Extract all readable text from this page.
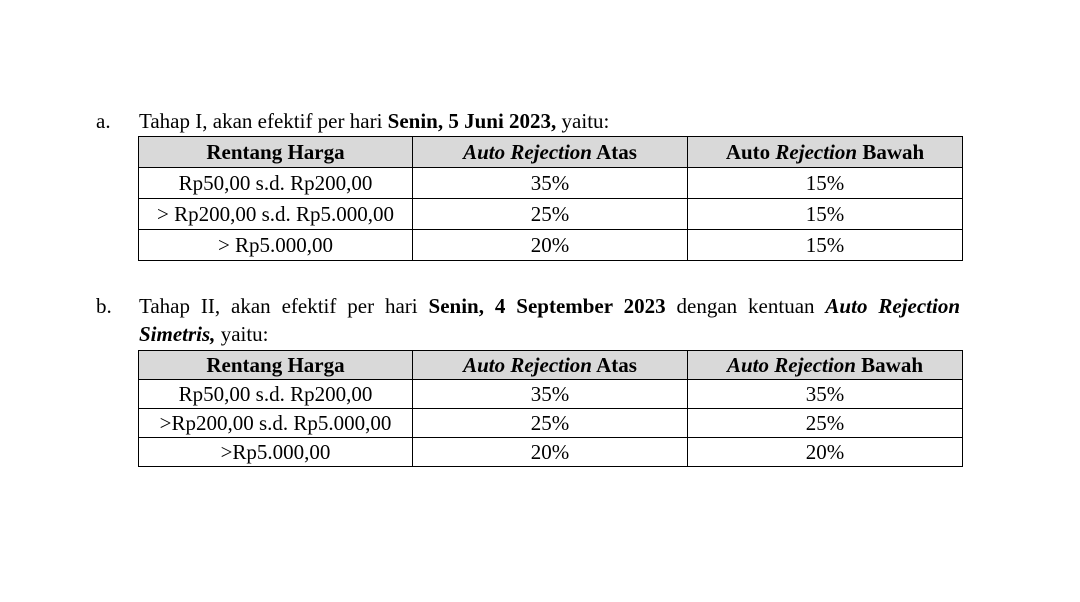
a. Tahap I, akan efektif per hari Senin, 5 Juni 2023, yaitu:
Rentang Harga	Auto Rejection Atas	Auto Rejection Bawah
Rp50,00 s.d. Rp200,00	35%	15%
> Rp200,00 s.d. Rp5.000,00	25%	15%
> Rp5.000,00	20%	15%
b. Tahap II, akan efektif per hari Senin, 4 September 2023 dengan kentuan Auto Rejection Simetris, yaitu:
Rentang Harga	Auto Rejection Atas	Auto Rejection Bawah
Rp50,00 s.d. Rp200,00	35%	35%
>Rp200,00 s.d. Rp5.000,00	25%	25%
>Rp5.000,00	20%	20%
